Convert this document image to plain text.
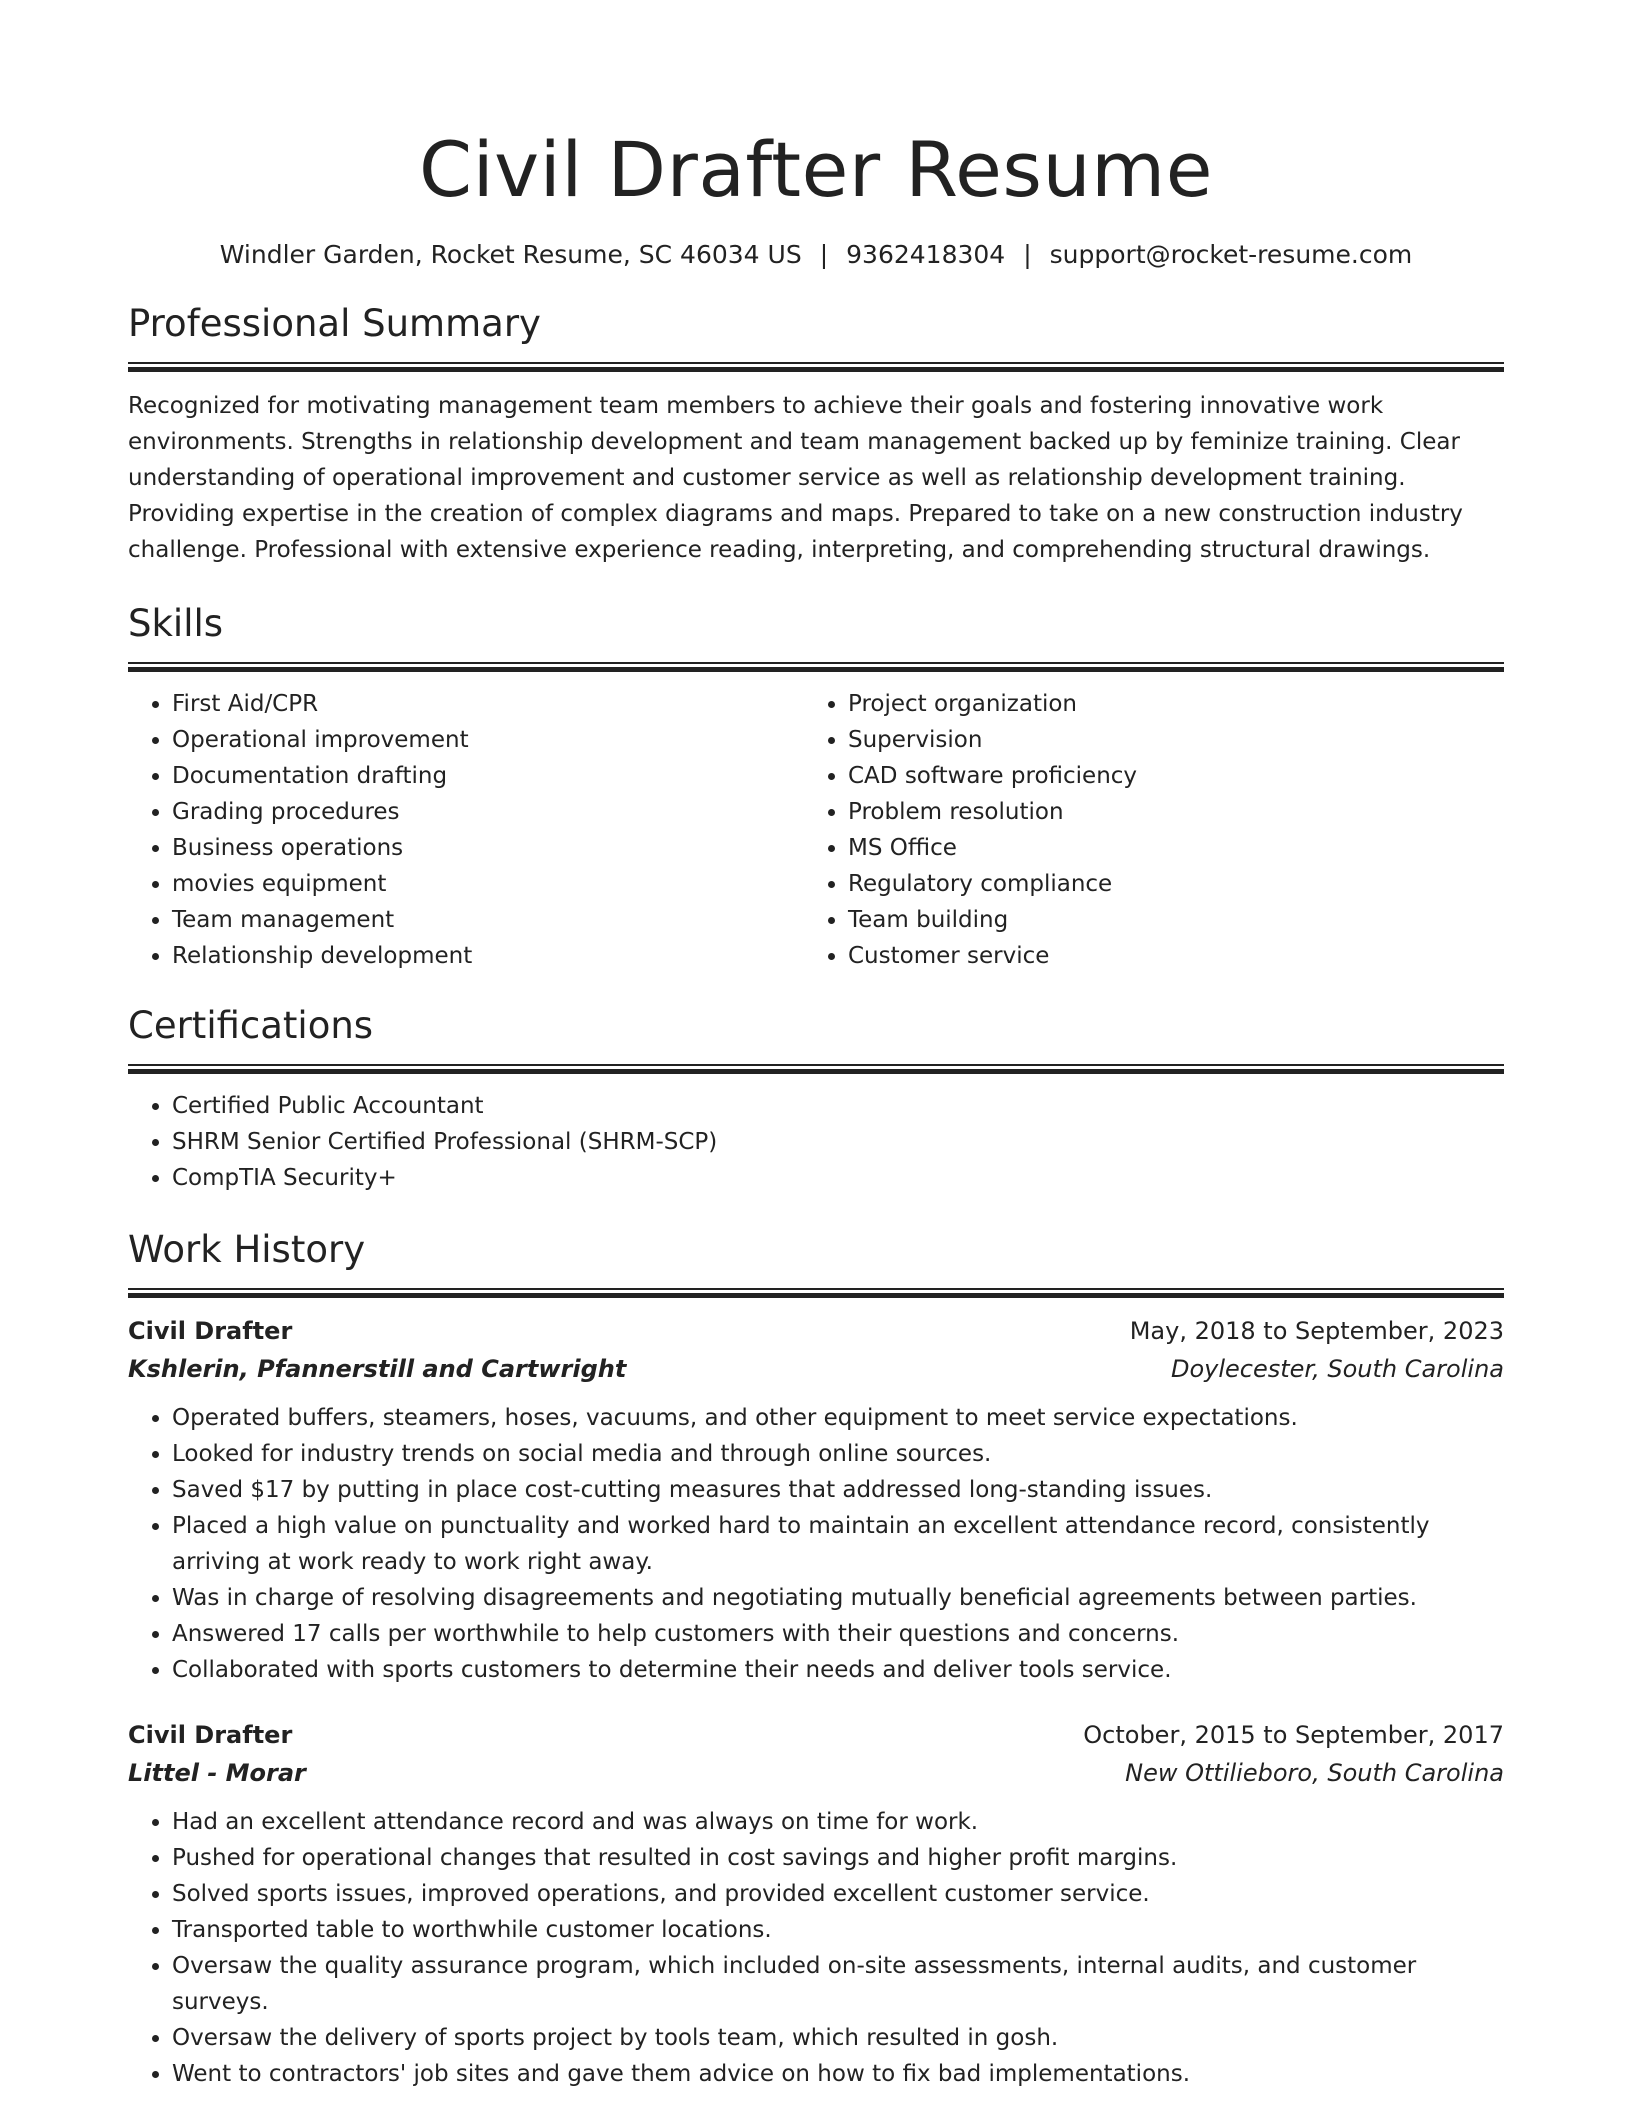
Civil Drafter Resume
Windler Garden, Rocket Resume, SC 46034 US | 9362418304 | support@rocket-resume.com
Professional Summary
Recognized for motivating management team members to achieve their goals and fostering innovative work environments. Strengths in relationship development and team management backed up by feminize training. Clear understanding of operational improvement and customer service as well as relationship development training. Providing expertise in the creation of complex diagrams and maps. Prepared to take on a new construction industry challenge. Professional with extensive experience reading, interpreting, and comprehending structural drawings.
Skills
• First Aid/CPR
• Operational improvement
• Documentation drafting
• Grading procedures
• Business operations
• movies equipment
• Team management
• Relationship development
• Project organization
• Supervision
• CAD software proficiency
• Problem resolution
• MS Office
• Regulatory compliance
• Team building
• Customer service
Certifications
• Certified Public Accountant
• SHRM Senior Certified Professional (SHRM-SCP)
• CompTIA Security+
Work History
Civil Drafter	May, 2018 to September, 2023
Kshlerin, Pfannerstill and Cartwright	Doylecester, South Carolina
• Operated buffers, steamers, hoses, vacuums, and other equipment to meet service expectations.
• Looked for industry trends on social media and through online sources.
• Saved $17 by putting in place cost-cutting measures that addressed long-standing issues.
• Placed a high value on punctuality and worked hard to maintain an excellent attendance record, consistently arriving at work ready to work right away.
• Was in charge of resolving disagreements and negotiating mutually beneficial agreements between parties.
• Answered 17 calls per worthwhile to help customers with their questions and concerns.
• Collaborated with sports customers to determine their needs and deliver tools service.
Civil Drafter	October, 2015 to September, 2017
Littel - Morar	New Ottilieboro, South Carolina
• Had an excellent attendance record and was always on time for work.
• Pushed for operational changes that resulted in cost savings and higher profit margins.
• Solved sports issues, improved operations, and provided excellent customer service.
• Transported table to worthwhile customer locations.
• Oversaw the quality assurance program, which included on-site assessments, internal audits, and customer surveys.
• Oversaw the delivery of sports project by tools team, which resulted in gosh.
• Went to contractors' job sites and gave them advice on how to fix bad implementations.
